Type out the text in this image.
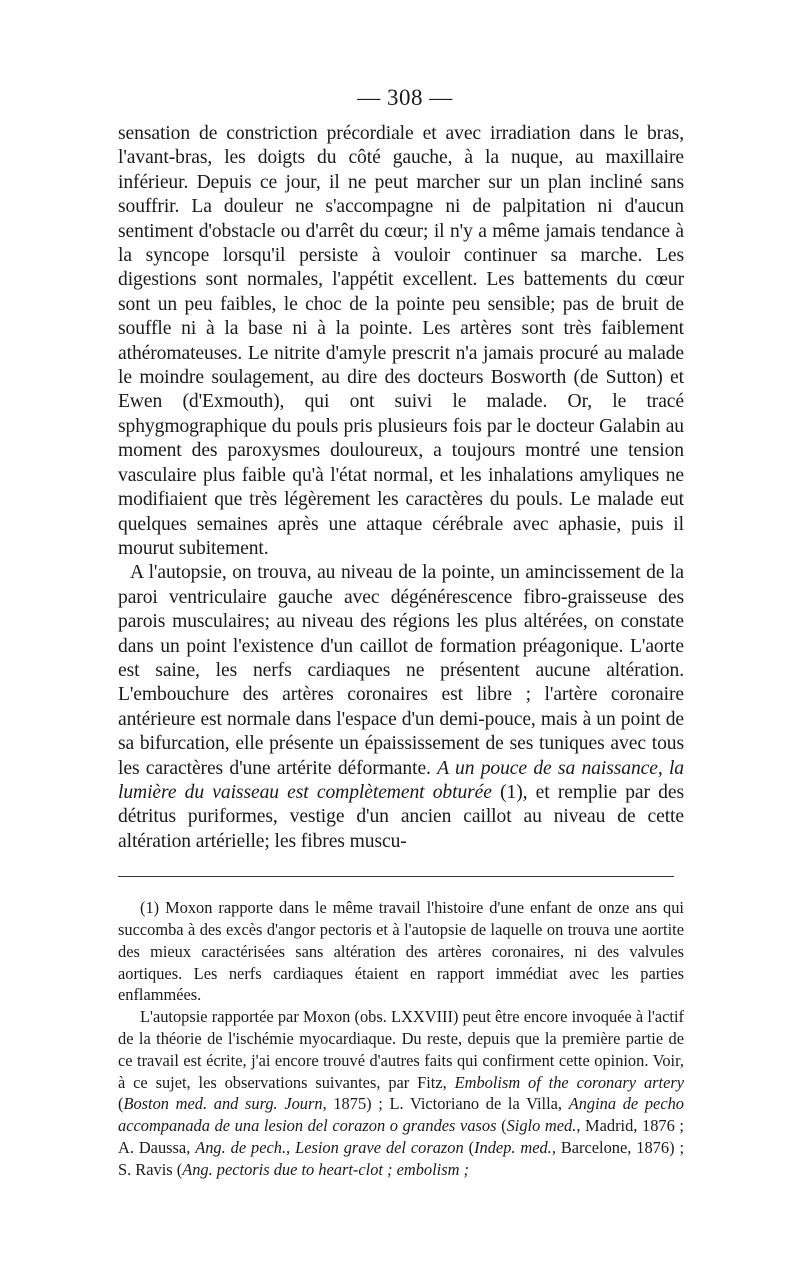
— 308 —

sensation de constriction précordiale et avec irradiation dans le bras, l'avant-bras, les doigts du côté gauche, à la nuque, au maxillaire inférieur. Depuis ce jour, il ne peut marcher sur un plan incliné sans souffrir. La douleur ne s'accompagne ni de palpitation ni d'aucun sentiment d'obstacle ou d'arrêt du cœur; il n'y a même jamais tendance à la syncope lorsqu'il persiste à vouloir continuer sa marche. Les digestions sont normales, l'appétit excellent. Les battements du cœur sont un peu faibles, le choc de la pointe peu sensible; pas de bruit de souffle ni à la base ni à la pointe. Les artères sont très faiblement athéromateuses. Le nitrite d'amyle prescrit n'a jamais procuré au malade le moindre soulagement, au dire des docteurs Bosworth (de Sutton) et Ewen (d'Exmouth), qui ont suivi le malade. Or, le tracé sphygmographique du pouls pris plusieurs fois par le docteur Galabin au moment des paroxysmes douloureux, a toujours montré une tension vasculaire plus faible qu'à l'état normal, et les inhalations amyliques ne modifiaient que très légèrement les caractères du pouls. Le malade eut quelques semaines après une attaque cérébrale avec aphasie, puis il mourut subitement.

A l'autopsie, on trouva, au niveau de la pointe, un amincissement de la paroi ventriculaire gauche avec dégénérescence fibro-graisseuse des parois musculaires; au niveau des régions les plus altérées, on constate dans un point l'existence d'un caillot de formation préagonique. L'aorte est saine, les nerfs cardiaques ne présentent aucune altération. L'embouchure des artères coronaires est libre ; l'artère coronaire antérieure est normale dans l'espace d'un demi-pouce, mais à un point de sa bifurcation, elle présente un épaississement de ses tuniques avec tous les caractères d'une artérite déformante. A un pouce de sa naissance, la lumière du vaisseau est complètement obturée (1), et remplie par des détritus puriformes, vestige d'un ancien caillot au niveau de cette altération artérielle; les fibres muscu-

(1) Moxon rapporte dans le même travail l'histoire d'une enfant de onze ans qui succomba à des excès d'angor pectoris et à l'autopsie de laquelle on trouva une aortite des mieux caractérisées sans altération des artères coronaires, ni des valvules aortiques. Les nerfs cardiaques étaient en rapport immédiat avec les parties enflammées.

L'autopsie rapportée par Moxon (obs. LXXVIII) peut être encore invoquée à l'actif de la théorie de l'ischémie myocardiaque. Du reste, depuis que la première partie de ce travail est écrite, j'ai encore trouvé d'autres faits qui confirment cette opinion. Voir, à ce sujet, les observations suivantes, par Fitz, Embolism of the coronary artery (Boston med. and surg. Journ, 1875) ; L. Victoriano de la Villa, Angina de pecho accompanada de una lesion del corazon o grandes vasos (Siglo med., Madrid, 1876 ; A. Daussa, Ang. de pech., Lesion grave del corazon (Indep. med., Barcelone, 1876) ; S. Ravis (Ang. pectoris due to heart-clot ; embolism ;
